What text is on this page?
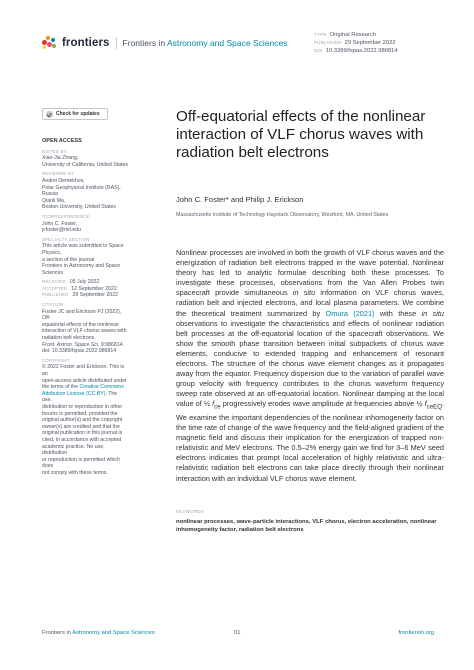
frontiers Frontiers in Astronomy and Space Sciences
TYPE Original Research
PUBLISHED 29 September 2022
DOI 10.3389/fspas.2022.986814
Check for updates
OPEN ACCESS
EDITED BY
Xiao-Jia Zhang,
University of California, United States
REVIEWED BY
Andrei Demekhov,
Polar Geophysical Institute (RAS), Russia
Qianli Ma,
Boston University, United States
*CORRESPONDENCE
John C. Foster,
jcfoster@mit.edu
SPECIALTY SECTION
This article was submitted to Space
Physics,
a section of the journal
Frontiers in Astronomy and Space
Sciences
RECEIVED 05 July 2022
ACCEPTED 12 September 2022
PUBLISHED 29 September 2022
CITATION
Foster JC and Erickson PJ (2022), Off-
equatorial effects of the nonlinear
interaction of VLF chorus waves with
radiation belt electrons.
Front. Astron. Space Sci. 9:986814.
doi: 10.3389/fspas.2022.986814
COPYRIGHT
© 2022 Foster and Erickson. This is an
open-access article distributed under
the terms of the Creative Commons
Attribution License (CC BY). The use,
distribution or reproduction in other
forums is permitted, provided the
original author(s) and the copyright
owner(s) are credited and that the
original publication in this journal is
cited, in accordance with accepted
academic practice. No use, distribution
or reproduction is permitted which does
not comply with these terms.
Off-equatorial effects of the nonlinear interaction of VLF chorus waves with radiation belt electrons
John C. Foster* and Philip J. Erickson
Massachusetts Institute of Technology Haystack Observatory, Westford, MA, United States

Nonlinear processes are involved in both the growth of VLF chorus waves and the energization of radiation belt electrons trapped in the wave potential. Nonlinear theory has led to analytic formulae describing both these processes. To investigate these processes, observations from the Van Allen Probes twin spacecraft provide simultaneous in situ information on VLF chorus waves, radiation belt and injected electrons, and local plasma parameters. We combine the theoretical treatment summarized by Omura (2021) with these in situ observations to investigate the characteristics and effects of nonlinear radiation belt processes at the off-equatorial location of the spacecraft observations. We show the smooth phase transition between initial subpackets of chorus wave elements, conducive to extended trapping and enhancement of resonant electrons. The structure of the chorus wave element changes as it propagates away from the equator. Frequency dispersion due to the variation of parallel wave group velocity with frequency contributes to the chorus waveform frequency sweep rate observed at an off-equatorial location. Nonlinear damping at the local value of ½ $f_{ce}$ progressively erodes wave amplitude at frequencies above ½ $f_{ceEQ}$. We examine the important dependencies of the nonlinear inhomogeneity factor on the time rate of change of the wave frequency and the field-aligned gradient of the magnetic field and discuss their implication for the energization of trapped non-relativistic and MeV electrons. The 0.5–2% energy gain we find for 3–6 MeV seed electrons indicates that prompt local acceleration of highly relativistic and ultra-relativistic radiation belt electrons can take place directly through their nonlinear interaction with an individual VLF chorus wave element.

KEYWORDS
nonlinear processes, wave-particle interactions, VLF chorus, electron acceleration, nonlinear inhomogeneity factor, radiation belt electrons
Frontiers in Astronomy and Space Sciences	01	frontiersin.org
